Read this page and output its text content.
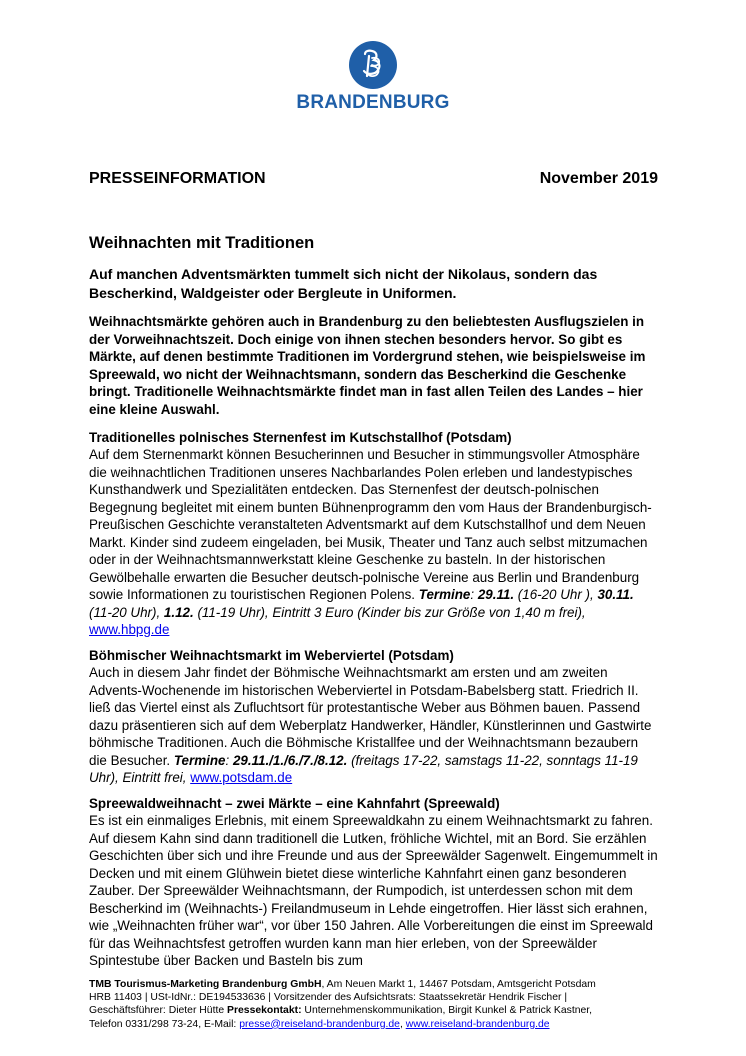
BRANDENBURG
PRESSEINFORMATION	November 2019
Weihnachten mit Traditionen

Auf manchen Adventsmärkten tummelt sich nicht der Nikolaus, sondern das Bescherkind, Waldgeister oder Bergleute in Uniformen.

Weihnachtsmärkte gehören auch in Brandenburg zu den beliebtesten Ausflugszielen in der Vorweihnachtszeit. Doch einige von ihnen stechen besonders hervor. So gibt es Märkte, auf denen bestimmte Traditionen im Vordergrund stehen, wie beispielsweise im Spreewald, wo nicht der Weihnachtsmann, sondern das Bescherkind die Geschenke bringt. Traditionelle Weihnachtsmärkte findet man in fast allen Teilen des Landes – hier eine kleine Auswahl.

Traditionelles polnisches Sternenfest im Kutschstallhof (Potsdam)

Auf dem Sternenmarkt können Besucherinnen und Besucher in stimmungsvoller Atmosphäre die weihnachtlichen Traditionen unseres Nachbarlandes Polen erleben und landestypisches Kunsthandwerk und Spezialitäten entdecken. Das Sternenfest der deutsch-polnischen Begegnung begleitet mit einem bunten Bühnenprogramm den vom Haus der Brandenburgisch-Preußischen Geschichte veranstalteten Adventsmarkt auf dem Kutschstallhof und dem Neuen Markt. Kinder sind zudeem eingeladen, bei Musik, Theater und Tanz auch selbst mitzumachen oder in der Weihnachtsmannwerkstatt kleine Geschenke zu basteln. In der historischen Gewölbehalle erwarten die Besucher deutsch-polnische Vereine aus Berlin und Brandenburg sowie Informationen zu touristischen Regionen Polens. Termine: 29.11. (16-20 Uhr ), 30.11. (11-20 Uhr), 1.12. (11-19 Uhr), Eintritt 3 Euro (Kinder bis zur Größe von 1,40 m frei), www.hbpg.de

Böhmischer Weihnachtsmarkt im Weberviertel (Potsdam)

Auch in diesem Jahr findet der Böhmische Weihnachtsmarkt am ersten und am zweiten Advents-Wochenende im historischen Weberviertel in Potsdam-Babelsberg statt. Friedrich II. ließ das Viertel einst als Zufluchtsort für protestantische Weber aus Böhmen bauen. Passend dazu präsentieren sich auf dem Weberplatz Handwerker, Händler, Künstlerinnen und Gastwirte böhmische Traditionen. Auch die Böhmische Kristallfee und der Weihnachtsmann bezaubern die Besucher. Termine: 29.11./1./6./7./8.12. (freitags 17-22, samstags 11-22, sonntags 11-19 Uhr), Eintritt frei, www.potsdam.de

Spreewaldweihnacht – zwei Märkte – eine Kahnfahrt (Spreewald)

Es ist ein einmaliges Erlebnis, mit einem Spreewaldkahn zu einem Weihnachtsmarkt zu fahren. Auf diesem Kahn sind dann traditionell die Lutken, fröhliche Wichtel, mit an Bord. Sie erzählen Geschichten über sich und ihre Freunde und aus der Spreewälder Sagenwelt. Eingemummelt in Decken und mit einem Glühwein bietet diese winterliche Kahnfahrt einen ganz besonderen Zauber. Der Spreewälder Weihnachtsmann, der Rumpodich, ist unterdessen schon mit dem Bescherkind im (Weihnachts-) Freilandmuseum in Lehde eingetroffen. Hier lässt sich erahnen, wie „Weihnachten früher war“, vor über 150 Jahren. Alle Vorbereitungen die einst im Spreewald für das Weihnachtsfest getroffen wurden kann man hier erleben, von der Spreewälder Spintestube über Backen und Basteln bis zum

TMB Tourismus-Marketing Brandenburg GmbH, Am Neuen Markt 1, 14467 Potsdam, Amtsgericht Potsdam

HRB 11403 | USt-IdNr.: DE194533636 | Vorsitzender des Aufsichtsrats: Staatssekretär Hendrik Fischer |

Geschäftsführer: Dieter Hütte Pressekontakt: Unternehmenskommunikation, Birgit Kunkel & Patrick Kastner,

Telefon 0331/298 73-24, E-Mail: presse@reiseland-brandenburg.de, www.reiseland-brandenburg.de
